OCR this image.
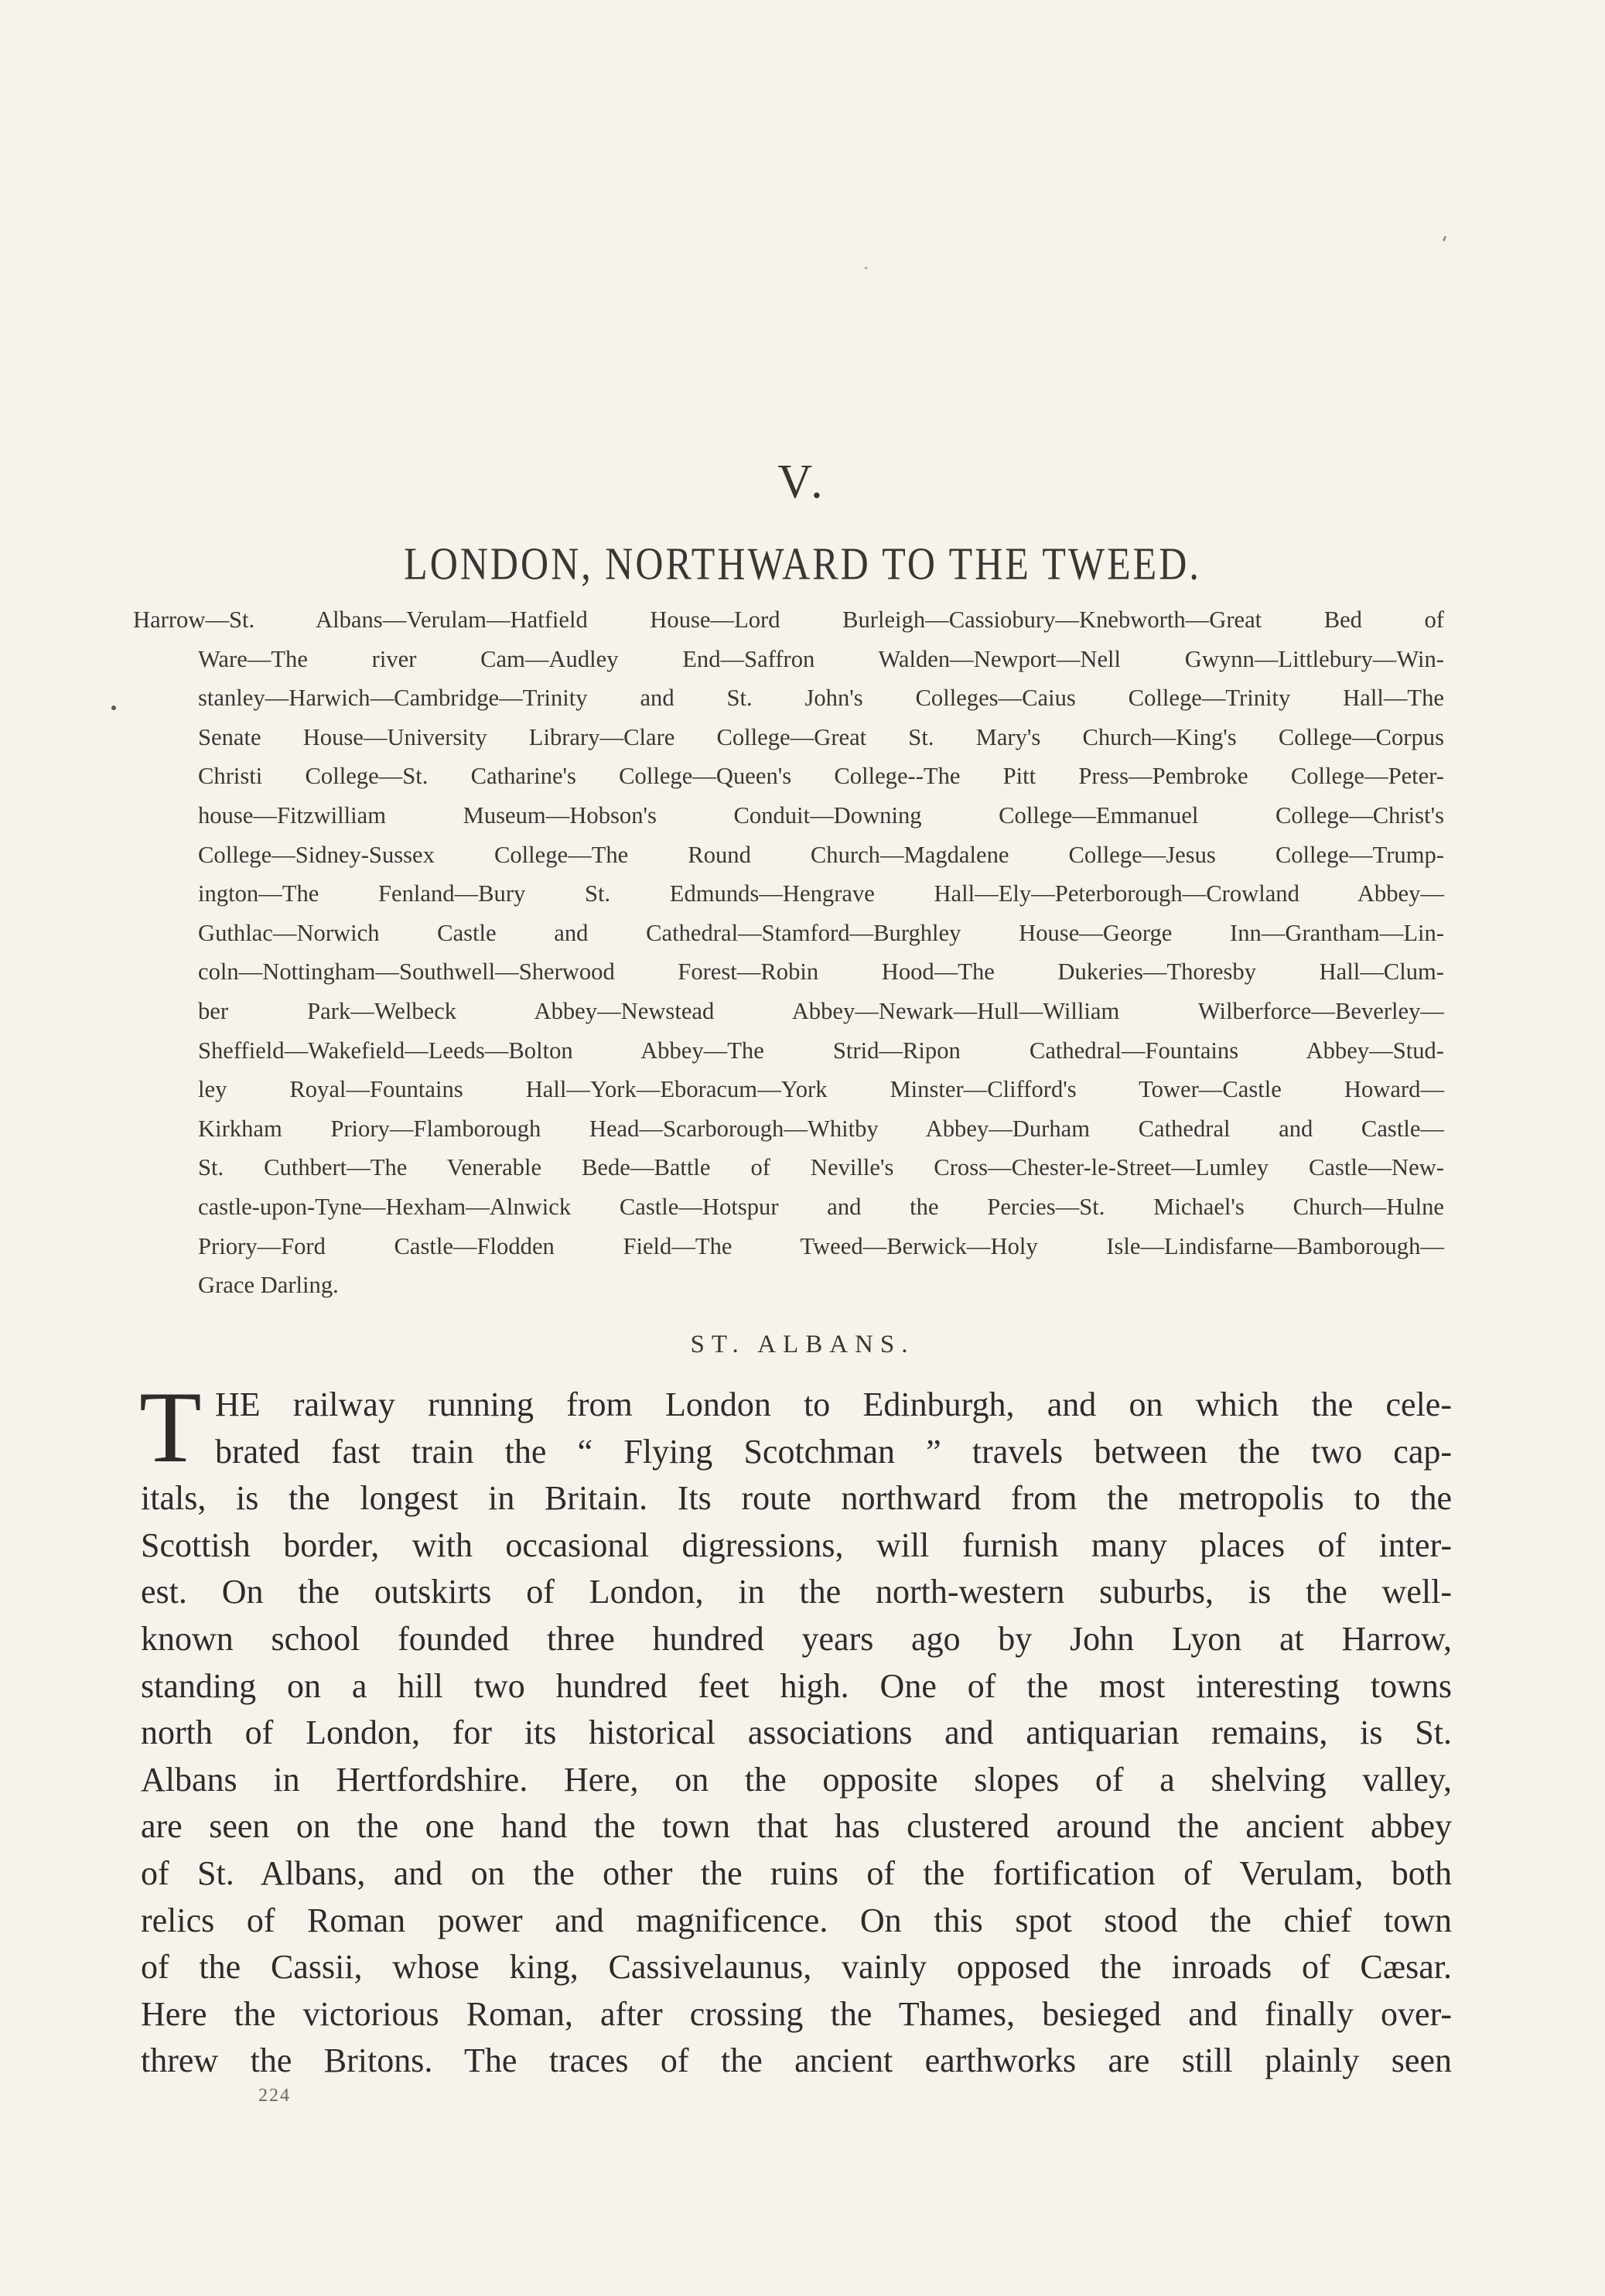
V.
LONDON, NORTHWARD TO THE TWEED.
Harrow—St. Albans—Verulam—Hatfield House—Lord Burleigh—Cassiobury—Knebworth—Great Bed of
Ware—The river Cam—Audley End—Saffron Walden—Newport—Nell Gwynn—Littlebury—Win-
stanley—Harwich—Cambridge—Trinity and St. John's Colleges—Caius College—Trinity Hall—The
Senate House—University Library—Clare College—Great St. Mary's Church—King's College—Corpus
Christi College—St. Catharine's College—Queen's College--The Pitt Press—Pembroke College—Peter-
house—Fitzwilliam Museum—Hobson's Conduit—Downing College—Emmanuel College—Christ's
College—Sidney-Sussex College—The Round Church—Magdalene College—Jesus College—Trump-
ington—The Fenland—Bury St. Edmunds—Hengrave Hall—Ely—Peterborough—Crowland Abbey—
Guthlac—Norwich Castle and Cathedral—Stamford—Burghley House—George Inn—Grantham—Lin-
coln—Nottingham—Southwell—Sherwood Forest—Robin Hood—The Dukeries—Thoresby Hall—Clum-
ber Park—Welbeck Abbey—Newstead Abbey—Newark—Hull—William Wilberforce—Beverley—
Sheffield—Wakefield—Leeds—Bolton Abbey—The Strid—Ripon Cathedral—Fountains Abbey—Stud-
ley Royal—Fountains Hall—York—Eboracum—York Minster—Clifford's Tower—Castle Howard—
Kirkham Priory—Flamborough Head—Scarborough—Whitby Abbey—Durham Cathedral and Castle—
St. Cuthbert—The Venerable Bede—Battle of Neville's Cross—Chester-le-Street—Lumley Castle—New-
castle-upon-Tyne—Hexham—Alnwick Castle—Hotspur and the Percies—St. Michael's Church—Hulne
Priory—Ford Castle—Flodden Field—The Tweed—Berwick—Holy Isle—Lindisfarne—Bamborough—
Grace Darling.
ST. ALBANS.
T HE railway running from London to Edinburgh, and on which the cele-
brated fast train the “ Flying Scotchman ” travels between the two cap-
itals, is the longest in Britain. Its route northward from the metropolis to the
Scottish border, with occasional digressions, will furnish many places of inter-
est. On the outskirts of London, in the north-western suburbs, is the well-
known school founded three hundred years ago by John Lyon at Harrow,
standing on a hill two hundred feet high. One of the most interesting towns
north of London, for its historical associations and antiquarian remains, is St.
Albans in Hertfordshire. Here, on the opposite slopes of a shelving valley,
are seen on the one hand the town that has clustered around the ancient abbey
of St. Albans, and on the other the ruins of the fortification of Verulam, both
relics of Roman power and magnificence. On this spot stood the chief town
of the Cassii, whose king, Cassivelaunus, vainly opposed the inroads of Cæsar.
Here the victorious Roman, after crossing the Thames, besieged and finally over-
threw the Britons. The traces of the ancient earthworks are still plainly seen
224
